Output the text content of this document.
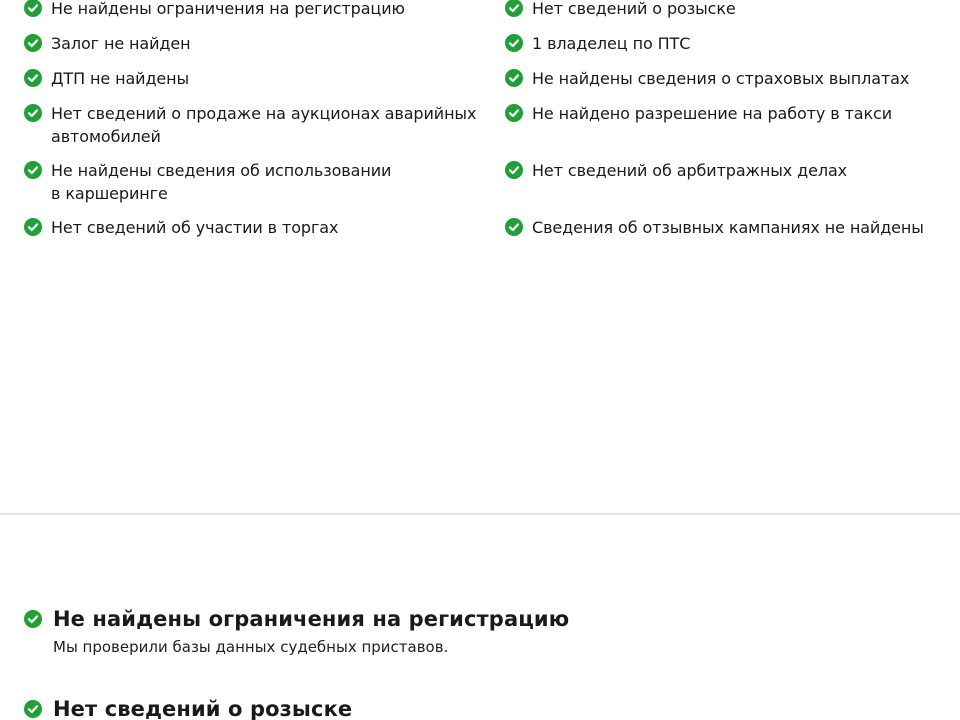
Не найдены ограничения на регистрацию
Залог не найден
ДТП не найдены
Нет сведений о продаже на аукционах аварийных
автомобилей
Не найдены сведения об использовании
в каршеринге
Нет сведений об участии в торгах
Нет сведений о розыске
1 владелец по ПТС
Не найдены сведения о страховых выплатах
Не найдено разрешение на работу в такси
Нет сведений об арбитражных делах
Сведения об отзывных кампаниях не найдены
Не найдены ограничения на регистрацию
Мы проверили базы данных судебных приставов.
Нет сведений о розыске
